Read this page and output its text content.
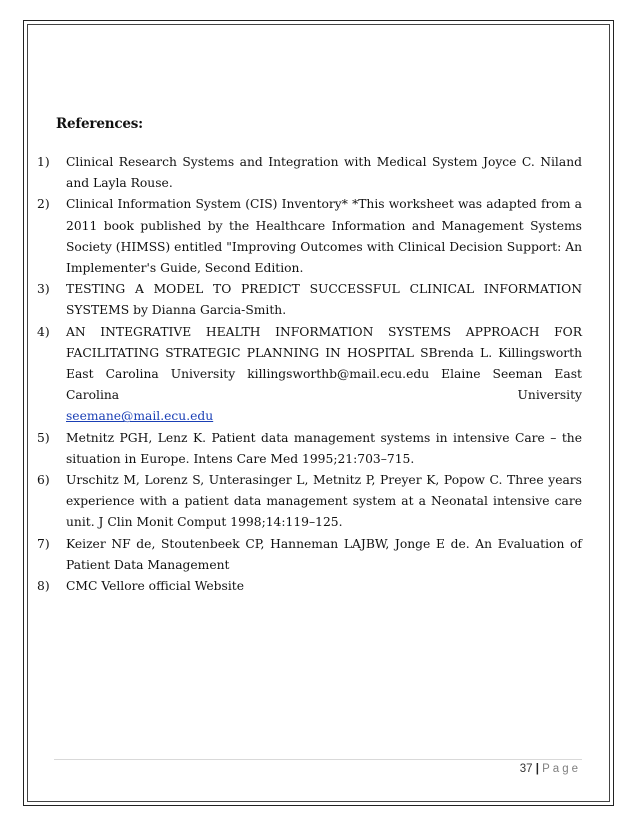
References:
1) Clinical Research Systems and Integration with Medical System Joyce C. Niland and Layla Rouse.
2) Clinical Information System (CIS) Inventory* *This worksheet was adapted from a 2011 book published by the Healthcare Information and Management Systems Society (HIMSS) entitled "Improving Outcomes with Clinical Decision Support: An Implementer's Guide, Second Edition.
3) TESTING A MODEL TO PREDICT SUCCESSFUL CLINICAL INFORMATION SYSTEMS by Dianna Garcia-Smith.
4) AN INTEGRATIVE HEALTH INFORMATION SYSTEMS APPROACH FOR FACILITATING STRATEGIC PLANNING IN HOSPITAL SBrenda L. Killingsworth East Carolina University killingsworthb@mail.ecu.edu Elaine Seeman East Carolina University
seemane@mail.ecu.edu
5) Metnitz PGH, Lenz K. Patient data management systems in intensive Care – the situation in Europe. Intens Care Med 1995;21:703–715.
6) Urschitz M, Lorenz S, Unterasinger L, Metnitz P, Preyer K, Popow C. Three years experience with a patient data management system at a Neonatal intensive care unit. J Clin Monit Comput 1998;14:119–125.
7) Keizer NF de, Stoutenbeek CP, Hanneman LAJBW, Jonge E de. An Evaluation of Patient Data Management
8) CMC Vellore official Website
37 | Page
